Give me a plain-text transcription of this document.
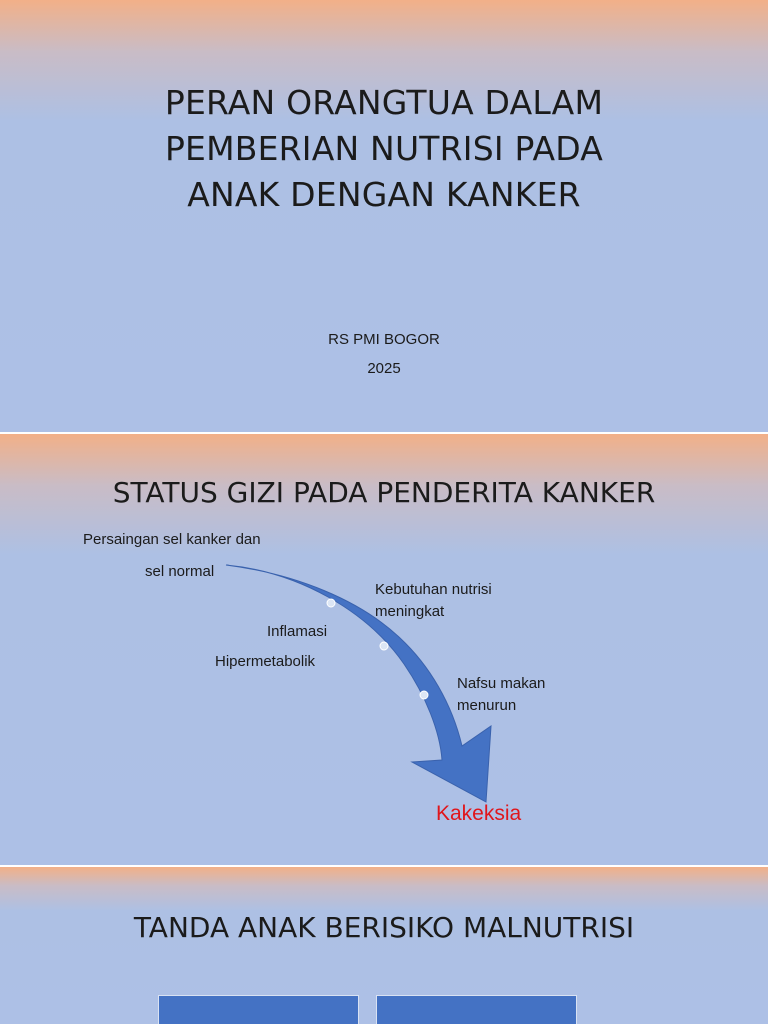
PERAN ORANGTUA DALAM
PEMBERIAN NUTRISI PADA
ANAK DENGAN KANKER
RS PMI BOGOR
2025
STATUS GIZI PADA PENDERITA KANKER
Persaingan sel kanker dan
sel normal
Inflamasi
Hipermetabolik
Kebutuhan nutrisi
meningkat
Nafsu makan
menurun
Kakeksia
TANDA ANAK BERISIKO MALNUTRISI
